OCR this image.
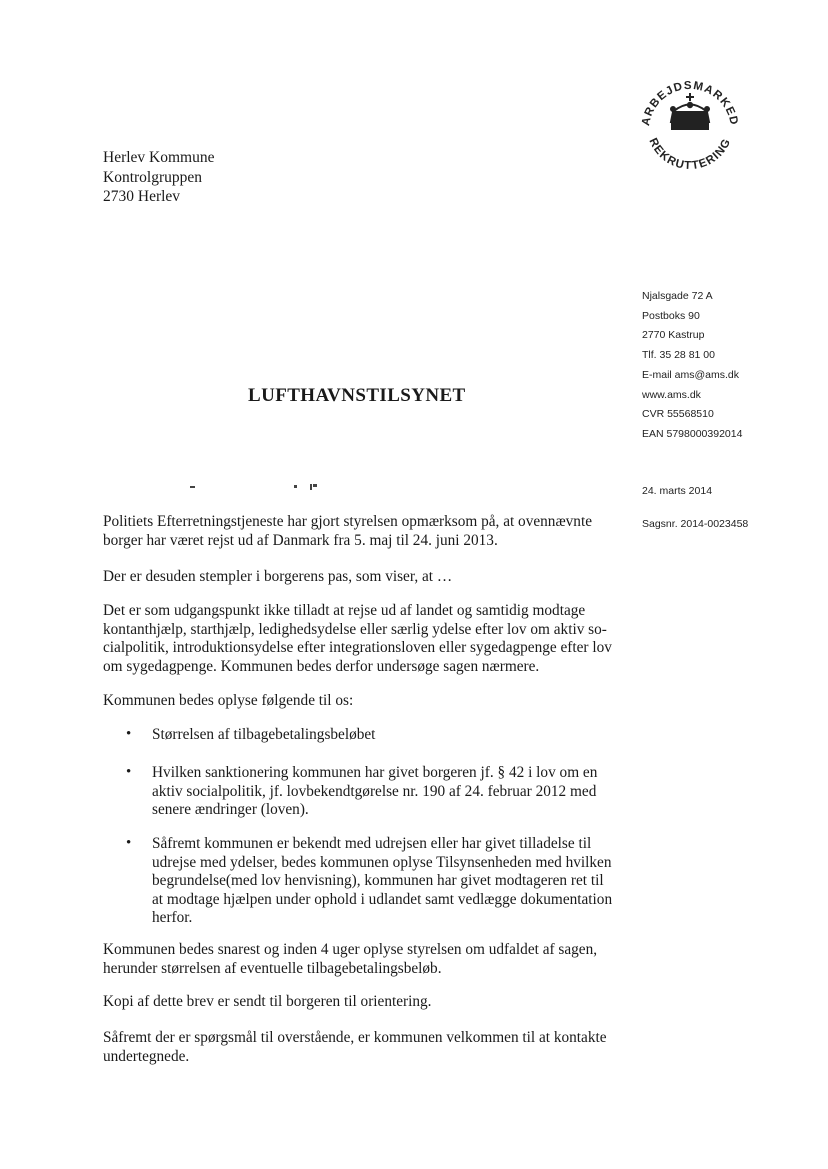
ARBEJDSMARKED
REKRUTTERING
Herlev Kommune
Kontrolgruppen
2730 Herlev
Njalsgade 72 A
Postboks 90
2770 Kastrup
Tlf. 35 28 81 00
E-mail ams@ams.dk
www.ams.dk
CVR 55568510
EAN 5798000392014
24. marts 2014
Sagsnr. 2014-0023458
LUFTHAVNSTILSYNET

Politiets Efterretningstjeneste har gjort styrelsen opmærksom på, at ovennævnte
borger har været rejst ud af Danmark fra 5. maj til 24. juni 2013.

Der er desuden stempler i borgerens pas, som viser, at …

Det er som udgangspunkt ikke tilladt at rejse ud af landet og samtidig modtage
kontanthjælp, starthjælp, ledighedsydelse eller særlig ydelse efter lov om aktiv so-
cialpolitik, introduktionsydelse efter integrationsloven eller sygedagpenge efter lov
om sygedagpenge. Kommunen bedes derfor undersøge sagen nærmere.

Kommunen bedes oplyse følgende til os:

• Størrelsen af tilbagebetalingsbeløbet

• Hvilken sanktionering kommunen har givet borgeren jf. § 42 i lov om en
aktiv socialpolitik, jf. lovbekendtgørelse nr. 190 af 24. februar 2012 med
senere ændringer (loven).

• Såfremt kommunen er bekendt med udrejsen eller har givet tilladelse til
udrejse med ydelser, bedes kommunen oplyse Tilsynsenheden med hvilken
begrundelse(med lov henvisning), kommunen har givet modtageren ret til
at modtage hjælpen under ophold i udlandet samt vedlægge dokumentation
herfor.

Kommunen bedes snarest og inden 4 uger oplyse styrelsen om udfaldet af sagen,
herunder størrelsen af eventuelle tilbagebetalingsbeløb.

Kopi af dette brev er sendt til borgeren til orientering.

Såfremt der er spørgsmål til overstående, er kommunen velkommen til at kontakte
undertegnede.
